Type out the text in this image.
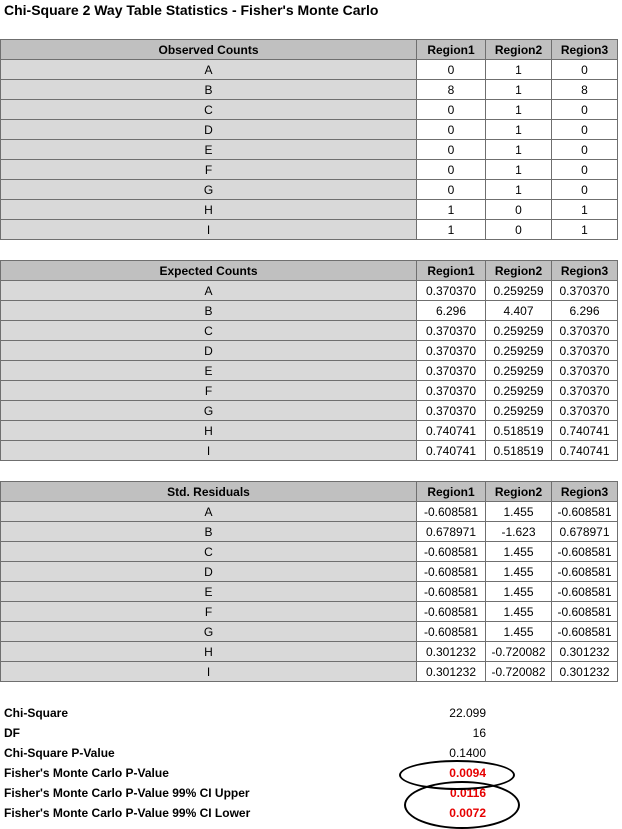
Chi-Square 2 Way Table Statistics - Fisher's Monte Carlo
Observed Counts	Region1	Region2	Region3
A	0	1	0
B	8	1	8
C	0	1	0
D	0	1	0
E	0	1	0
F	0	1	0
G	0	1	0
H	1	0	1
I	1	0	1
Expected Counts	Region1	Region2	Region3
A	0.370370	0.259259	0.370370
B	6.296	4.407	6.296
C	0.370370	0.259259	0.370370
D	0.370370	0.259259	0.370370
E	0.370370	0.259259	0.370370
F	0.370370	0.259259	0.370370
G	0.370370	0.259259	0.370370
H	0.740741	0.518519	0.740741
I	0.740741	0.518519	0.740741
Std. Residuals	Region1	Region2	Region3
A	-0.608581	1.455	-0.608581
B	0.678971	-1.623	0.678971
C	-0.608581	1.455	-0.608581
D	-0.608581	1.455	-0.608581
E	-0.608581	1.455	-0.608581
F	-0.608581	1.455	-0.608581
G	-0.608581	1.455	-0.608581
H	0.301232	-0.720082	0.301232
I	0.301232	-0.720082	0.301232
Chi-Square	22.099
DF	16
Chi-Square P-Value	0.1400
Fisher's Monte Carlo P-Value	0.0094
Fisher's Monte Carlo P-Value 99% CI Upper	0.0116
Fisher's Monte Carlo P-Value 99% CI Lower	0.0072
